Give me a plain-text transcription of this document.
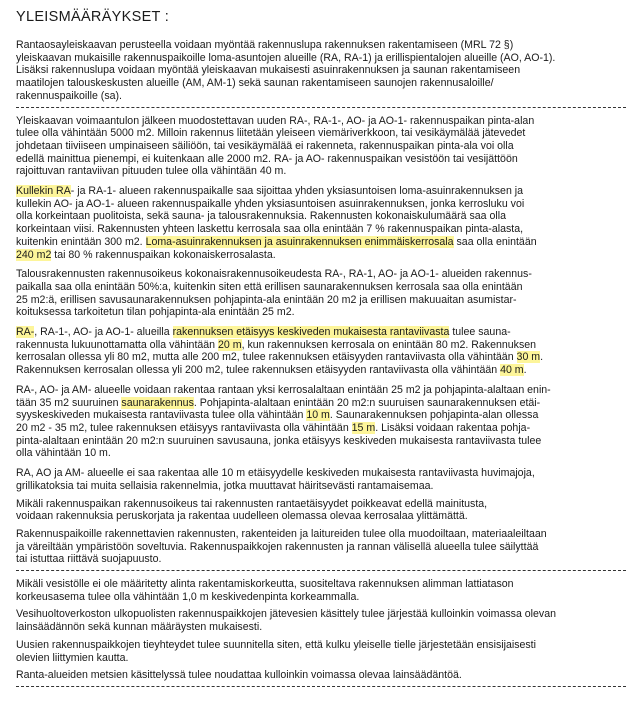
YLEISMÄÄRÄYKSET :

Rantaosayleiskaavan perusteella voidaan myöntää rakennuslupa rakennuksen rakentamiseen (MRL 72 §)
yleiskaavan mukaisille rakennuspaikoille loma-asuntojen alueille (RA, RA-1) ja erillispientalojen alueille (AO, AO-1).
Lisäksi rakennuslupa voidaan myöntää yleiskaavan mukaisesti asuinrakennuksen ja saunan rakentamiseen
maatilojen talouskeskusten alueille (AM, AM-1) sekä saunan rakentamiseen saunojen rakennusaloille/
rakennuspaikoille (sa).

Yleiskaavan voimaantulon jälkeen muodostettavan uuden RA-, RA-1-, AO- ja AO-1- rakennuspaikan pinta-alan
tulee olla vähintään 5000 m2. Milloin rakennus liitetään yleiseen viemäriverkkoon, tai vesikäymälää jätevedet
johdetaan tiiviiseen umpinaiseen säiliöön, tai vesikäymälää ei rakenneta, rakennuspaikan pinta-ala voi olla
edellä mainittua pienempi, ei kuitenkaan alle 2000 m2. RA- ja AO- rakennuspaikan vesistöön tai vesijättöön
rajoittuvan rantaviivan pituuden tulee olla vähintään 40 m.

Kullekin RA- ja RA-1- alueen rakennuspaikalle saa sijoittaa yhden yksiasuntoisen loma-asuinrakennuksen ja
kullekin AO- ja AO-1- alueen rakennuspaikalle yhden yksiasuntoisen asuinrakennuksen, jonka kerrosluku voi
olla korkeintaan puolitoista, sekä sauna- ja talousrakennuksia. Rakennusten kokonaiskulumäärä saa olla
korkeintaan viisi. Rakennusten yhteen laskettu kerrosala saa olla enintään 7 % rakennuspaikan pinta-alasta,
kuitenkin enintään 300 m2. Loma-asuinrakennuksen ja asuinrakennuksen enimmäiskerrosala saa olla enintään
240 m2 tai 80 % rakennuspaikan kokonaiskerrosalasta.

Talousrakennusten rakennusoikeus kokonaisrakennusoikeudesta RA-, RA-1, AO- ja AO-1- alueiden rakennus-
paikalla saa olla enintään 50%:a, kuitenkin siten että erillisen saunarakennuksen kerrosala saa olla enintään
25 m2:ä, erillisen savusaunarakennuksen pohjapinta-ala enintään 20 m2 ja erillisen makuuaitan asumistar-
koituksessa tarkoitetun tilan pohjapinta-ala enintään 25 m2.

RA-, RA-1-, AO- ja AO-1- alueilla rakennuksen etäisyys keskiveden mukaisesta rantaviivasta tulee sauna-
rakennusta lukuunottamatta olla vähintään 20 m, kun rakennuksen kerrosala on enintään 80 m2. Rakennuksen
kerrosalan ollessa yli 80 m2, mutta alle 200 m2, tulee rakennuksen etäisyyden rantaviivasta olla vähintään 30 m.
Rakennuksen kerrosalan ollessa yli 200 m2, tulee rakennuksen etäisyyden rantaviivasta olla vähintään 40 m.

RA-, AO- ja AM- alueelle voidaan rakentaa rantaan yksi kerrosalaltaan enintään 25 m2 ja pohjapinta-alaltaan enin-
tään 35 m2 suuruinen saunarakennus. Pohjapinta-alaltaan enintään 20 m2:n suuruisen saunarakennuksen etäi-
syyskeskiveden mukaisesta rantaviivasta tulee olla vähintään 10 m. Saunarakennuksen pohjapinta-alan ollessa
20 m2 - 35 m2, tulee rakennuksen etäisyys rantaviivasta olla vähintään 15 m. Lisäksi voidaan rakentaa pohja-
pinta-alaltaan enintään 20 m2:n suuruinen savusauna, jonka etäisyys keskiveden mukaisesta rantaviivasta tulee
olla vähintään 10 m.

RA, AO ja AM- alueelle ei saa rakentaa alle 10 m etäisyydelle keskiveden mukaisesta rantaviivasta huvimajoja,
grillikatoksia tai muita sellaisia rakennelmia, jotka muuttavat häiritsevästi rantamaisemaa.

Mikäli rakennuspaikan rakennusoikeus tai rakennusten rantaetäisyydet poikkeavat edellä mainitusta,
voidaan rakennuksia peruskorjata ja rakentaa uudelleen olemassa olevaa kerrosalaa ylittämättä.

Rakennuspaikoille rakennettavien rakennusten, rakenteiden ja laitureiden tulee olla muodoiltaan, materiaaleiltaan
ja väreiltään ympäristöön soveltuvia. Rakennuspaikkojen rakennusten ja rannan välisellä alueella tulee säilyttää
tai istuttaa riittävä suojapuusto.

Mikäli vesistölle ei ole määritetty alinta rakentamiskorkeutta, suositeltava rakennuksen alimman lattiatason
korkeusasema tulee olla vähintään 1,0 m keskivedenpinta korkeammalla.

Vesihuoltoverkoston ulkopuolisten rakennuspaikkojen jätevesien käsittely tulee järjestää kulloinkin voimassa olevan
lainsäädännön sekä kunnan määräysten mukaisesti.

Uusien rakennuspaikkojen tieyhteydet tulee suunnitella siten, että kulku yleiselle tielle järjestetään ensisijaisesti
olevien liittymien kautta.

Ranta-alueiden metsien käsittelyssä tulee noudattaa kulloinkin voimassa olevaa lainsäädäntöä.
